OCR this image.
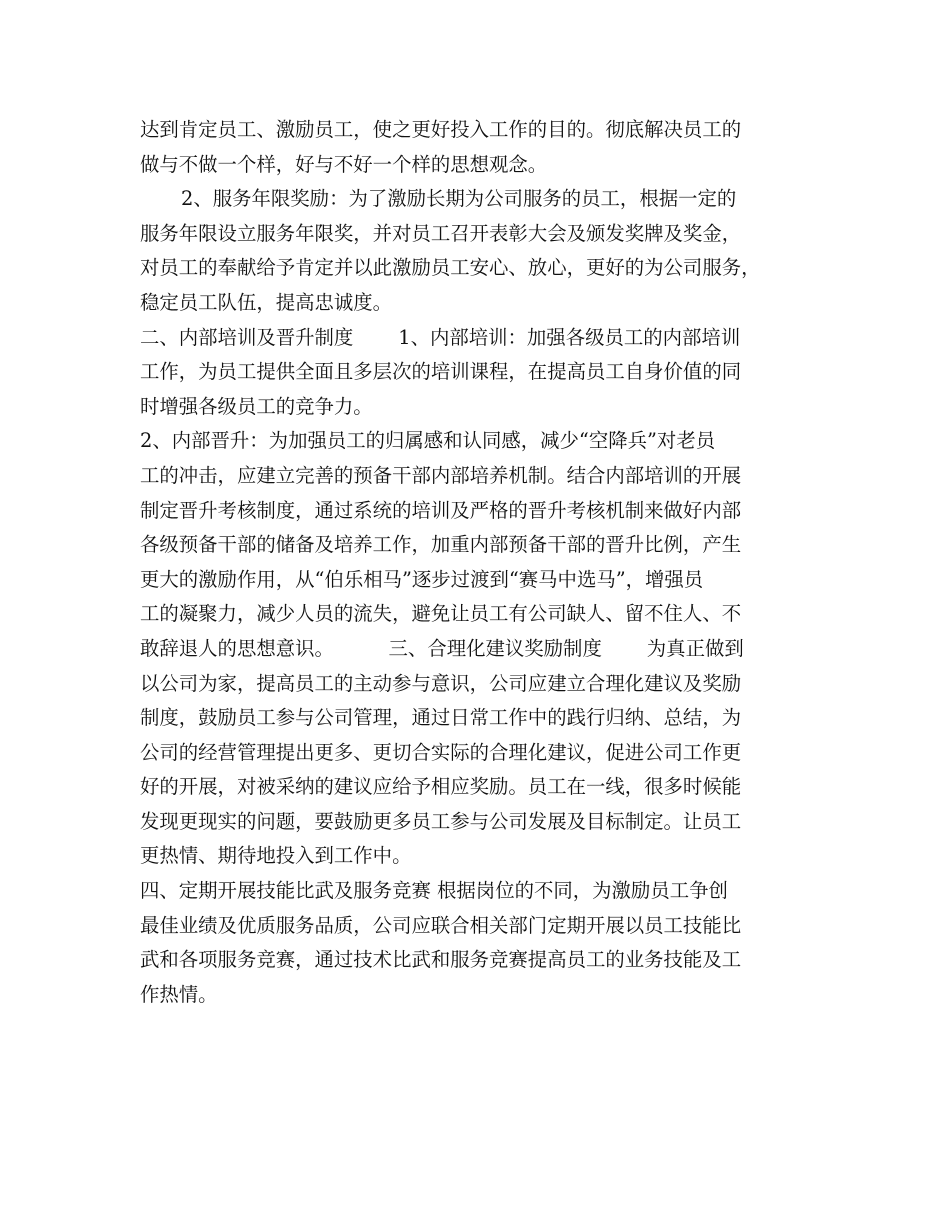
达到肯定员工、激励员工，使之更好投入工作的目的。彻底解决员工的
做与不做一个样，好与不好一个样的思想观念。
2、服务年限奖励：为了激励长期为公司服务的员工，根据一定的
服务年限设立服务年限奖，并对员工召开表彰大会及颁发奖牌及奖金，
对员工的奉献给予肯定并以此激励员工安心、放心，更好的为公司服务，
稳定员工队伍，提高忠诚度。
二、内部培训及晋升制度　　 1、内部培训：加强各级员工的内部培训
工作，为员工提供全面且多层次的培训课程，在提高员工自身价值的同
时增强各级员工的竞争力。
2、内部晋升：为加强员工的归属感和认同感，减少“空降兵”对老员
工的冲击，应建立完善的预备干部内部培养机制。结合内部培训的开展
制定晋升考核制度，通过系统的培训及严格的晋升考核机制来做好内部
各级预备干部的储备及培养工作，加重内部预备干部的晋升比例，产生
更大的激励作用，从“伯乐相马”逐步过渡到“赛马中选马”，增强员
工的凝聚力，减少人员的流失，避免让员工有公司缺人、留不住人、不
敢辞退人的思想意识。　　　 三、合理化建议奖励制度　　 为真正做到
以公司为家，提高员工的主动参与意识，公司应建立合理化建议及奖励
制度，鼓励员工参与公司管理，通过日常工作中的践行归纳、总结，为
公司的经营管理提出更多、更切合实际的合理化建议，促进公司工作更
好的开展，对被采纳的建议应给予相应奖励。员工在一线，很多时候能
发现更现实的问题，要鼓励更多员工参与公司发展及目标制定。让员工
更热情、期待地投入到工作中。
四、定期开展技能比武及服务竞赛 根据岗位的不同，为激励员工争创
最佳业绩及优质服务品质，公司应联合相关部门定期开展以员工技能比
武和各项服务竞赛，通过技术比武和服务竞赛提高员工的业务技能及工
作热情。
